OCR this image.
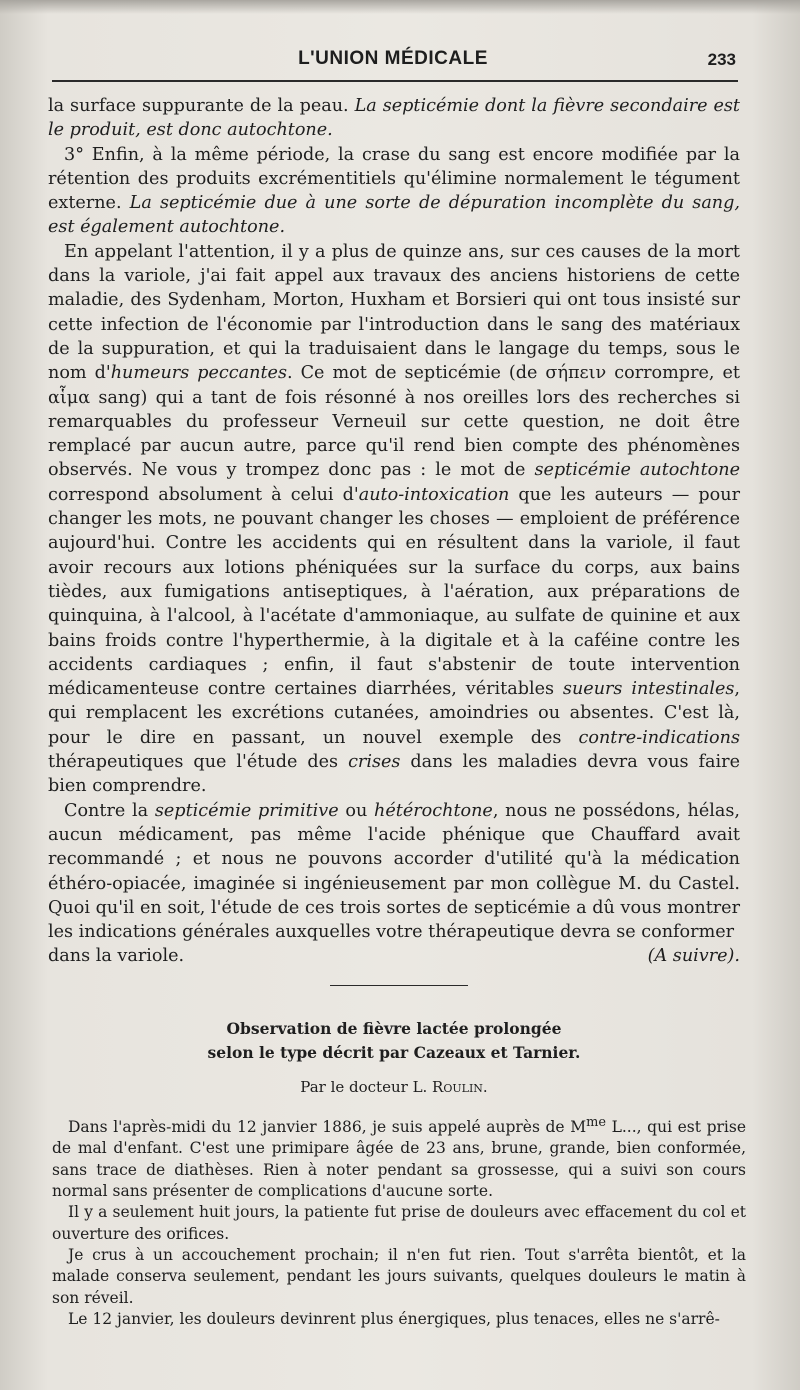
L'UNION MÉDICALE	233

la surface suppurante de la peau. La septicémie dont la fièvre secondaire est le produit, est donc autochtone.

3° Enfin, à la même période, la crase du sang est encore modifiée par la rétention des produits excrémentitiels qu'élimine normalement le tégument externe. La septicémie due à une sorte de dépuration incomplète du sang, est également autochtone.

En appelant l'attention, il y a plus de quinze ans, sur ces causes de la mort dans la variole, j'ai fait appel aux travaux des anciens historiens de cette maladie, des Sydenham, Morton, Huxham et Borsieri qui ont tous insisté sur cette infection de l'économie par l'introduction dans le sang des matériaux de la suppuration, et qui la traduisaient dans le langage du temps, sous le nom d'humeurs peccantes. Ce mot de septicémie (de σήπειν corrompre, et αἷμα sang) qui a tant de fois résonné à nos oreilles lors des recherches si remarquables du professeur Verneuil sur cette question, ne doit être remplacé par aucun autre, parce qu'il rend bien compte des phénomènes observés. Ne vous y trompez donc pas : le mot de septicémie autochtone correspond absolument à celui d'auto-intoxication que les auteurs — pour changer les mots, ne pouvant changer les choses — emploient de préférence aujourd'hui. Contre les accidents qui en résultent dans la variole, il faut avoir recours aux lotions phéniquées sur la surface du corps, aux bains tièdes, aux fumigations antiseptiques, à l'aération, aux préparations de quinquina, à l'alcool, à l'acétate d'ammoniaque, au sulfate de quinine et aux bains froids contre l'hyperthermie, à la digitale et à la caféine contre les accidents cardiaques ; enfin, il faut s'abstenir de toute intervention médicamenteuse contre certaines diarrhées, véritables sueurs intestinales, qui remplacent les excrétions cutanées, amoindries ou absentes. C'est là, pour le dire en passant, un nouvel exemple des contre-indications thérapeutiques que l'étude des crises dans les maladies devra vous faire bien comprendre.

Contre la septicémie primitive ou hétérochtone, nous ne possédons, hélas, aucun médicament, pas même l'acide phénique que Chauffard avait recommandé ; et nous ne pouvons accorder d'utilité qu'à la médication éthéro-opiacée, imaginée si ingénieusement par mon collègue M. du Castel. Quoi qu'il en soit, l'étude de ces trois sortes de septicémie a dû vous montrer les indications générales auxquelles votre thérapeutique devra se conformer

dans la variole.	(A suivre).

Observation de fièvre lactée prolongée
selon le type décrit par Cazeaux et Tarnier.
Par le docteur L. Roulin.

Dans l'après-midi du 12 janvier 1886, je suis appelé auprès de $M^{me}$ L..., qui est prise de mal d'enfant. C'est une primipare âgée de 23 ans, brune, grande, bien conformée, sans trace de diathèses. Rien à noter pendant sa grossesse, qui a suivi son cours normal sans présenter de complications d'aucune sorte.

Il y a seulement huit jours, la patiente fut prise de douleurs avec effacement du col et ouverture des orifices.

Je crus à un accouchement prochain; il n'en fut rien. Tout s'arrêta bientôt, et la malade conserva seulement, pendant les jours suivants, quelques douleurs le matin à son réveil.

Le 12 janvier, les douleurs devinrent plus énergiques, plus tenaces, elles ne s'arrê-
